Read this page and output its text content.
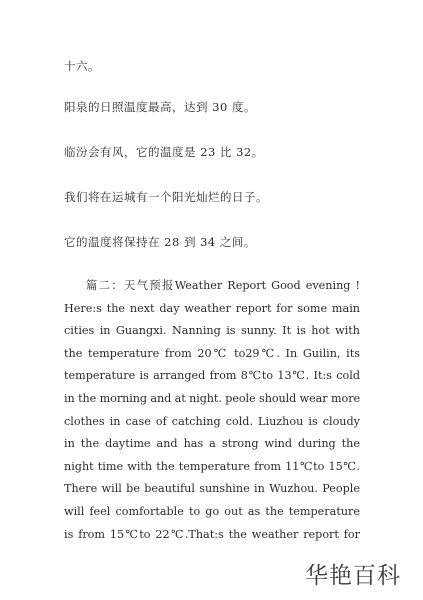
十六。
阳泉的日照温度最高，达到 30 度。
临汾会有风，它的温度是 23 比 32。
我们将在运城有一个阳光灿烂的日子。
它的温度将保持在 28 到 34 之间。
篇二：天气预报Weather Report Good evening !
Here:s the next day weather report for some main
cities in Guangxi. Nanning is sunny. It is hot with
the temperature from 20℃ to29℃. In Guilin, its
temperature is arranged from 8℃to 13℃. It:s cold
in the morning and at night. peole should wear more
clothes in case of catching cold. Liuzhou is cloudy
in the daytime and has a strong wind during the
night time with the temperature from 11℃to 15℃.
There will be beautiful sunshine in Wuzhou. People
will feel comfortable to go out as the temperature
is from 15℃to 22℃.That:s the weather report for
华艳百科
